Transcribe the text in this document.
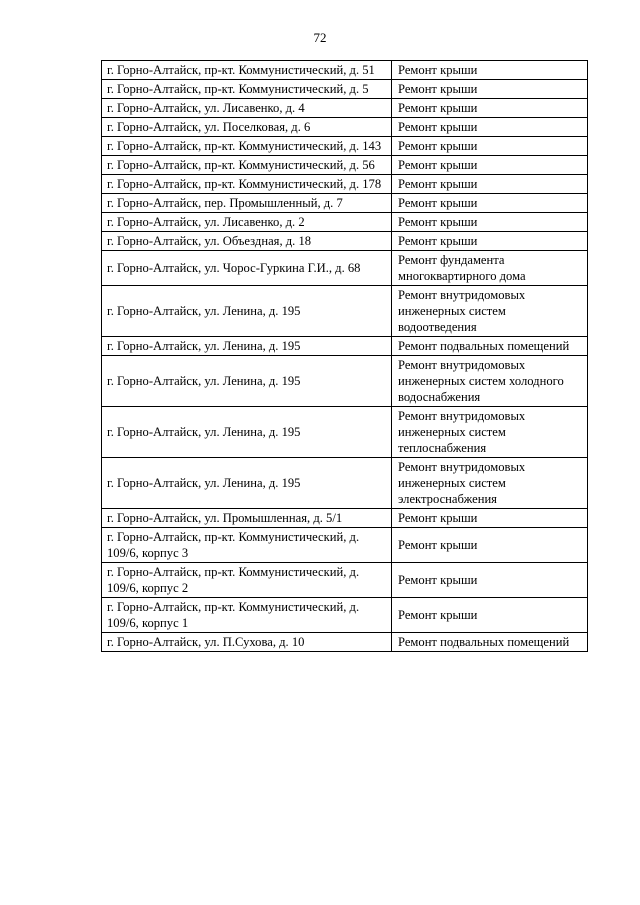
72
г. Горно-Алтайск, пр-кт. Коммунистический, д. 51	Ремонт крыши
г. Горно-Алтайск, пр-кт. Коммунистический, д. 5	Ремонт крыши
г. Горно-Алтайск, ул. Лисавенко, д. 4	Ремонт крыши
г. Горно-Алтайск, ул. Поселковая, д. 6	Ремонт крыши
г. Горно-Алтайск, пр-кт. Коммунистический, д. 143	Ремонт крыши
г. Горно-Алтайск, пр-кт. Коммунистический, д. 56	Ремонт крыши
г. Горно-Алтайск, пр-кт. Коммунистический, д. 178	Ремонт крыши
г. Горно-Алтайск, пер. Промышленный, д. 7	Ремонт крыши
г. Горно-Алтайск, ул. Лисавенко, д. 2	Ремонт крыши
г. Горно-Алтайск, ул. Объездная, д. 18	Ремонт крыши
г. Горно-Алтайск, ул. Чорос-Гуркина Г.И., д. 68	Ремонт фундамента многоквартирного дома
г. Горно-Алтайск, ул. Ленина, д. 195	Ремонт внутридомовых инженерных систем водоотведения
г. Горно-Алтайск, ул. Ленина, д. 195	Ремонт подвальных помещений
г. Горно-Алтайск, ул. Ленина, д. 195	Ремонт внутридомовых инженерных систем холодного водоснабжения
г. Горно-Алтайск, ул. Ленина, д. 195	Ремонт внутридомовых инженерных систем теплоснабжения
г. Горно-Алтайск, ул. Ленина, д. 195	Ремонт внутридомовых инженерных систем электроснабжения
г. Горно-Алтайск, ул. Промышленная, д. 5/1	Ремонт крыши
г. Горно-Алтайск, пр-кт. Коммунистический, д. 109/6, корпус 3	Ремонт крыши
г. Горно-Алтайск, пр-кт. Коммунистический, д. 109/6, корпус 2	Ремонт крыши
г. Горно-Алтайск, пр-кт. Коммунистический, д. 109/6, корпус 1	Ремонт крыши
г. Горно-Алтайск, ул. П.Сухова, д. 10	Ремонт подвальных помещений
